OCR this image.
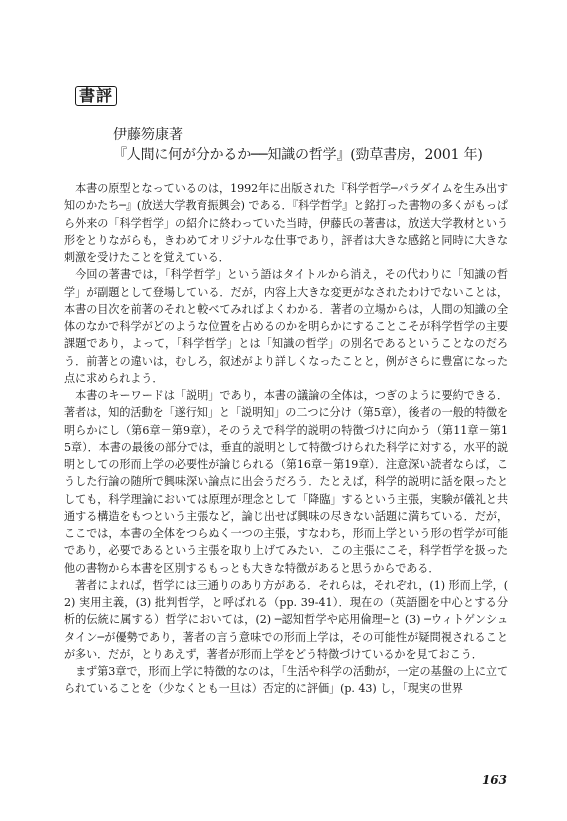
書評
伊藤笏康著
『人間に何が分かるか──知識の哲学』(勁草書房，2001 年)

本書の原型となっているのは，1992年に出版された『科学哲学─パラダイムを生み出す知のかたち─』(放送大学教育振興会) である．『科学哲学』と銘打った書物の多くがもっぱら外来の「科学哲学」の紹介に終わっていた当時，伊藤氏の著書は，放送大学教材という形をとりながらも，きわめてオリジナルな仕事であり，評者は大きな感銘と同時に大きな刺激を受けたことを覚えている．

今回の著書では，「科学哲学」という語はタイトルから消え，その代わりに「知識の哲学」が副題として登場している．だが，内容上大きな変更がなされたわけでないことは，本書の目次を前著のそれと較べてみればよくわかる．著者の立場からは，人間の知識の全体のなかで科学がどのような位置を占めるのかを明らかにすることこそが科学哲学の主要課題であり，よって，「科学哲学」とは「知識の哲学」の別名であるということなのだろう．前著との違いは，むしろ，叙述がより詳しくなったことと，例がさらに豊富になった点に求められよう．

本書のキーワードは「説明」であり，本書の議論の全体は，つぎのように要約できる．著者は，知的活動を「遂行知」と「説明知」の二つに分け（第5章），後者の一般的特徴を明らかにし（第6章－第9章），そのうえで科学的説明の特徴づけに向かう（第11章－第15章）．本書の最後の部分では，垂直的説明として特徴づけられた科学に対する，水平的説明としての形而上学の必要性が論じられる（第16章－第19章）．注意深い読者ならば，こうした行論の随所で興味深い論点に出会うだろう．たとえば，科学的説明に話を限ったとしても，科学理論においては原理が理念として「降臨」するという主張，実験が儀礼と共通する構造をもつという主張など，論じ出せば興味の尽きない話題に満ちている．だが，ここでは，本書の全体をつらぬく一つの主張，すなわち，形而上学という形の哲学が可能であり，必要であるという主張を取り上げてみたい．この主張にこそ，科学哲学を扱った他の書物から本書を区別するもっとも大きな特徴があると思うからである．

著者によれば，哲学には三通りのあり方がある．それらは，それぞれ，(1) 形而上学，(2) 実用主義，(3) 批判哲学，と呼ばれる（pp. 39-41）．現在の（英語圏を中心とする分析的伝統に属する）哲学においては，(2) ─認知哲学や応用倫理─と (3) ─ウィトゲンシュタイン─が優勢であり，著者の言う意味での形而上学は，その可能性が疑問視されることが多い．だが，とりあえず，著者が形而上学をどう特徴づけているかを見ておこう．

まず第3章で，形而上学に特徴的なのは，「生活や科学の活動が，一定の基盤の上に立てられていることを（少なくとも一旦は）否定的に評価」(p. 43) し，「現実の世界

163
